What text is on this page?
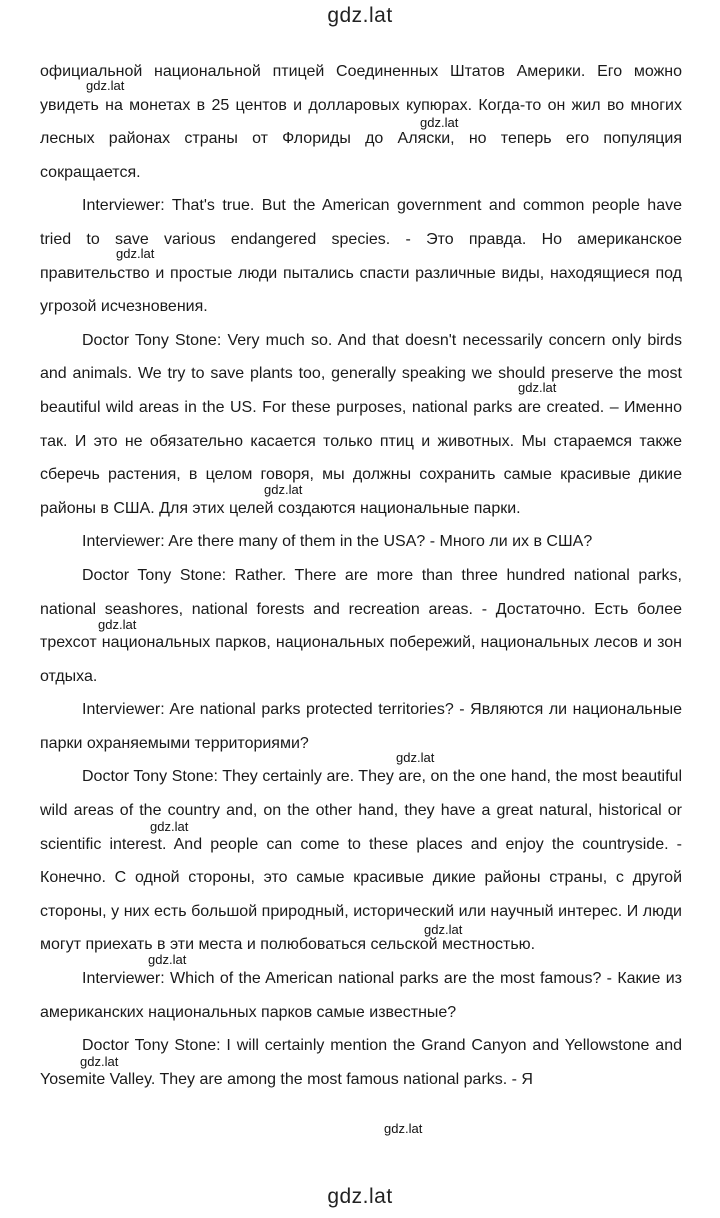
gdz.lat

официальной национальной птицей Соединенных Штатов Америки. Его можно увидеть на монетах в 25 центов и долларовых купюрах. Когда-то он жил во многих лесных районах страны от Флориды до Аляски, но теперь его популяция сокращается.

Interviewer: That's true. But the American government and common people have tried to save various endangered species. - Это правда. Но американское правительство и простые люди пытались спасти различные виды, находящиеся под угрозой исчезновения.

Doctor Tony Stone: Very much so. And that doesn't necessarily concern only birds and animals. We try to save plants too, generally speaking we should preserve the most beautiful wild areas in the US. For these purposes, national parks are created. – Именно так. И это не обязательно касается только птиц и животных. Мы стараемся также сберечь растения, в целом говоря, мы должны сохранить самые красивые дикие районы в США. Для этих целей создаются национальные парки.

Interviewer: Are there many of them in the USA? - Много ли их в США?

Doctor Tony Stone: Rather. There are more than three hundred national parks, national seashores, national forests and recreation areas. - Достаточно. Есть более трехсот национальных парков, национальных побережий, национальных лесов и зон отдыха.

Interviewer: Are national parks protected territories? - Являются ли национальные парки охраняемыми территориями?

Doctor Tony Stone: They certainly are. They are, on the one hand, the most beautiful wild areas of the country and, on the other hand, they have a great natural, historical or scientific interest. And people can come to these places and enjoy the countryside. - Конечно. С одной стороны, это самые красивые дикие районы страны, с другой стороны, у них есть большой природный, исторический или научный интерес. И люди могут приехать в эти места и полюбоваться сельской местностью.

Interviewer: Which of the American national parks are the most famous? - Какие из американских национальных парков самые известные?

Doctor Tony Stone: I will certainly mention the Grand Canyon and Yellowstone and Yosemite Valley. They are among the most famous national parks. - Я

gdz.lat
gdz.lat
gdz.lat
gdz.lat
gdz.lat
gdz.lat
gdz.lat
gdz.lat
gdz.lat
gdz.lat
gdz.lat
gdz.lat
gdz.lat
